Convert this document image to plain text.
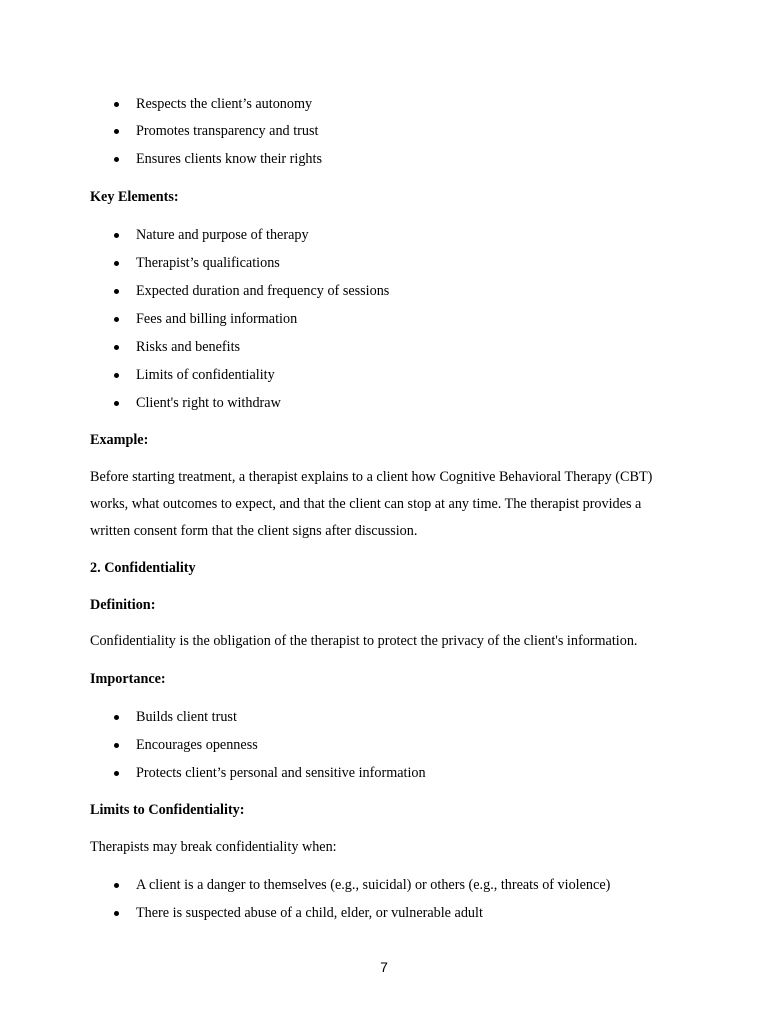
Respects the client’s autonomy
Promotes transparency and trust
Ensures clients know their rights
Key Elements:
Nature and purpose of therapy
Therapist’s qualifications
Expected duration and frequency of sessions
Fees and billing information
Risks and benefits
Limits of confidentiality
Client's right to withdraw
Example:
Before starting treatment, a therapist explains to a client how Cognitive Behavioral Therapy (CBT)
works, what outcomes to expect, and that the client can stop at any time. The therapist provides a
written consent form that the client signs after discussion.
2. Confidentiality
Definition:
Confidentiality is the obligation of the therapist to protect the privacy of the client's information.
Importance:
Builds client trust
Encourages openness
Protects client’s personal and sensitive information
Limits to Confidentiality:
Therapists may break confidentiality when:
A client is a danger to themselves (e.g., suicidal) or others (e.g., threats of violence)
There is suspected abuse of a child, elder, or vulnerable adult
7
